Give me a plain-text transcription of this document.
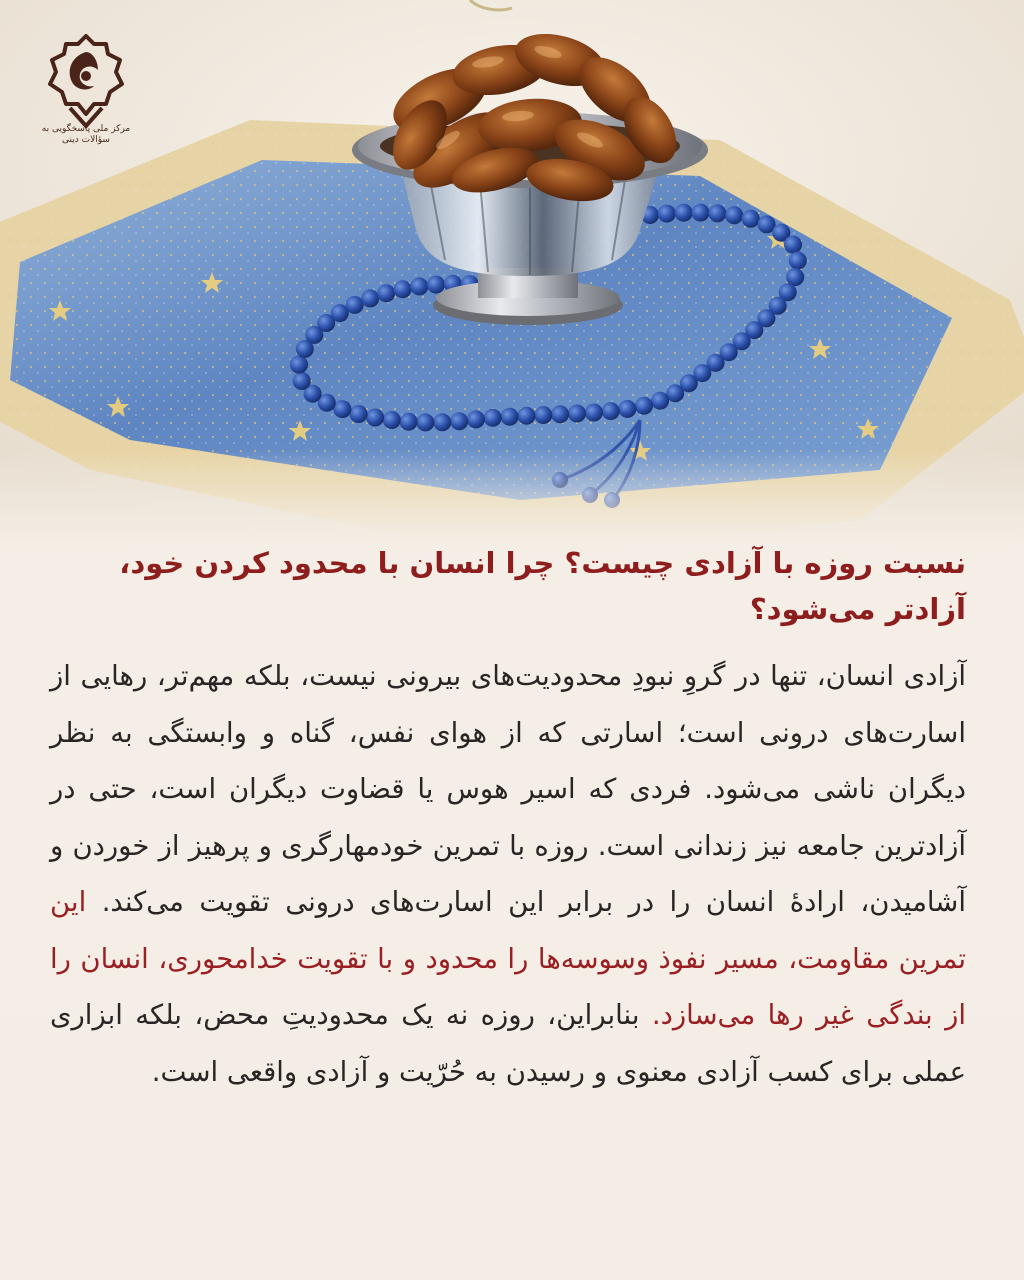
مرکز ملی پاسخگویی به سؤالات دینی
نسبت روزه با آزادی چیست؟ چرا انسان با محدود کردن خود، آزادتر می‌شود؟

آزادی انسان، تنها در گروِ نبودِ محدودیت‌های بیرونی نیست، بلکه مهم‌تر، رهایی از اسارت‌های درونی است؛ اسارتی که از هوای نفس، گناه و وابستگی به نظر دیگران ناشی می‌شود. فردی که اسیر هوس یا قضاوت دیگران است، حتی در آزادترین جامعه نیز زندانی است. روزه با تمرین خودمهارگری و پرهیز از خوردن و آشامیدن، ارادهٔ انسان را در برابر این اسارت‌های درونی تقویت می‌کند. این تمرین مقاومت، مسیر نفوذ وسوسه‌ها را محدود و با تقویت خدامحوری، انسان را از بندگی غیر رها می‌سازد. بنابراین، روزه نه یک محدودیتِ محض، بلکه ابزاری عملی برای کسب آزادی معنوی و رسیدن به حُرّیت و آزادی واقعی است.
